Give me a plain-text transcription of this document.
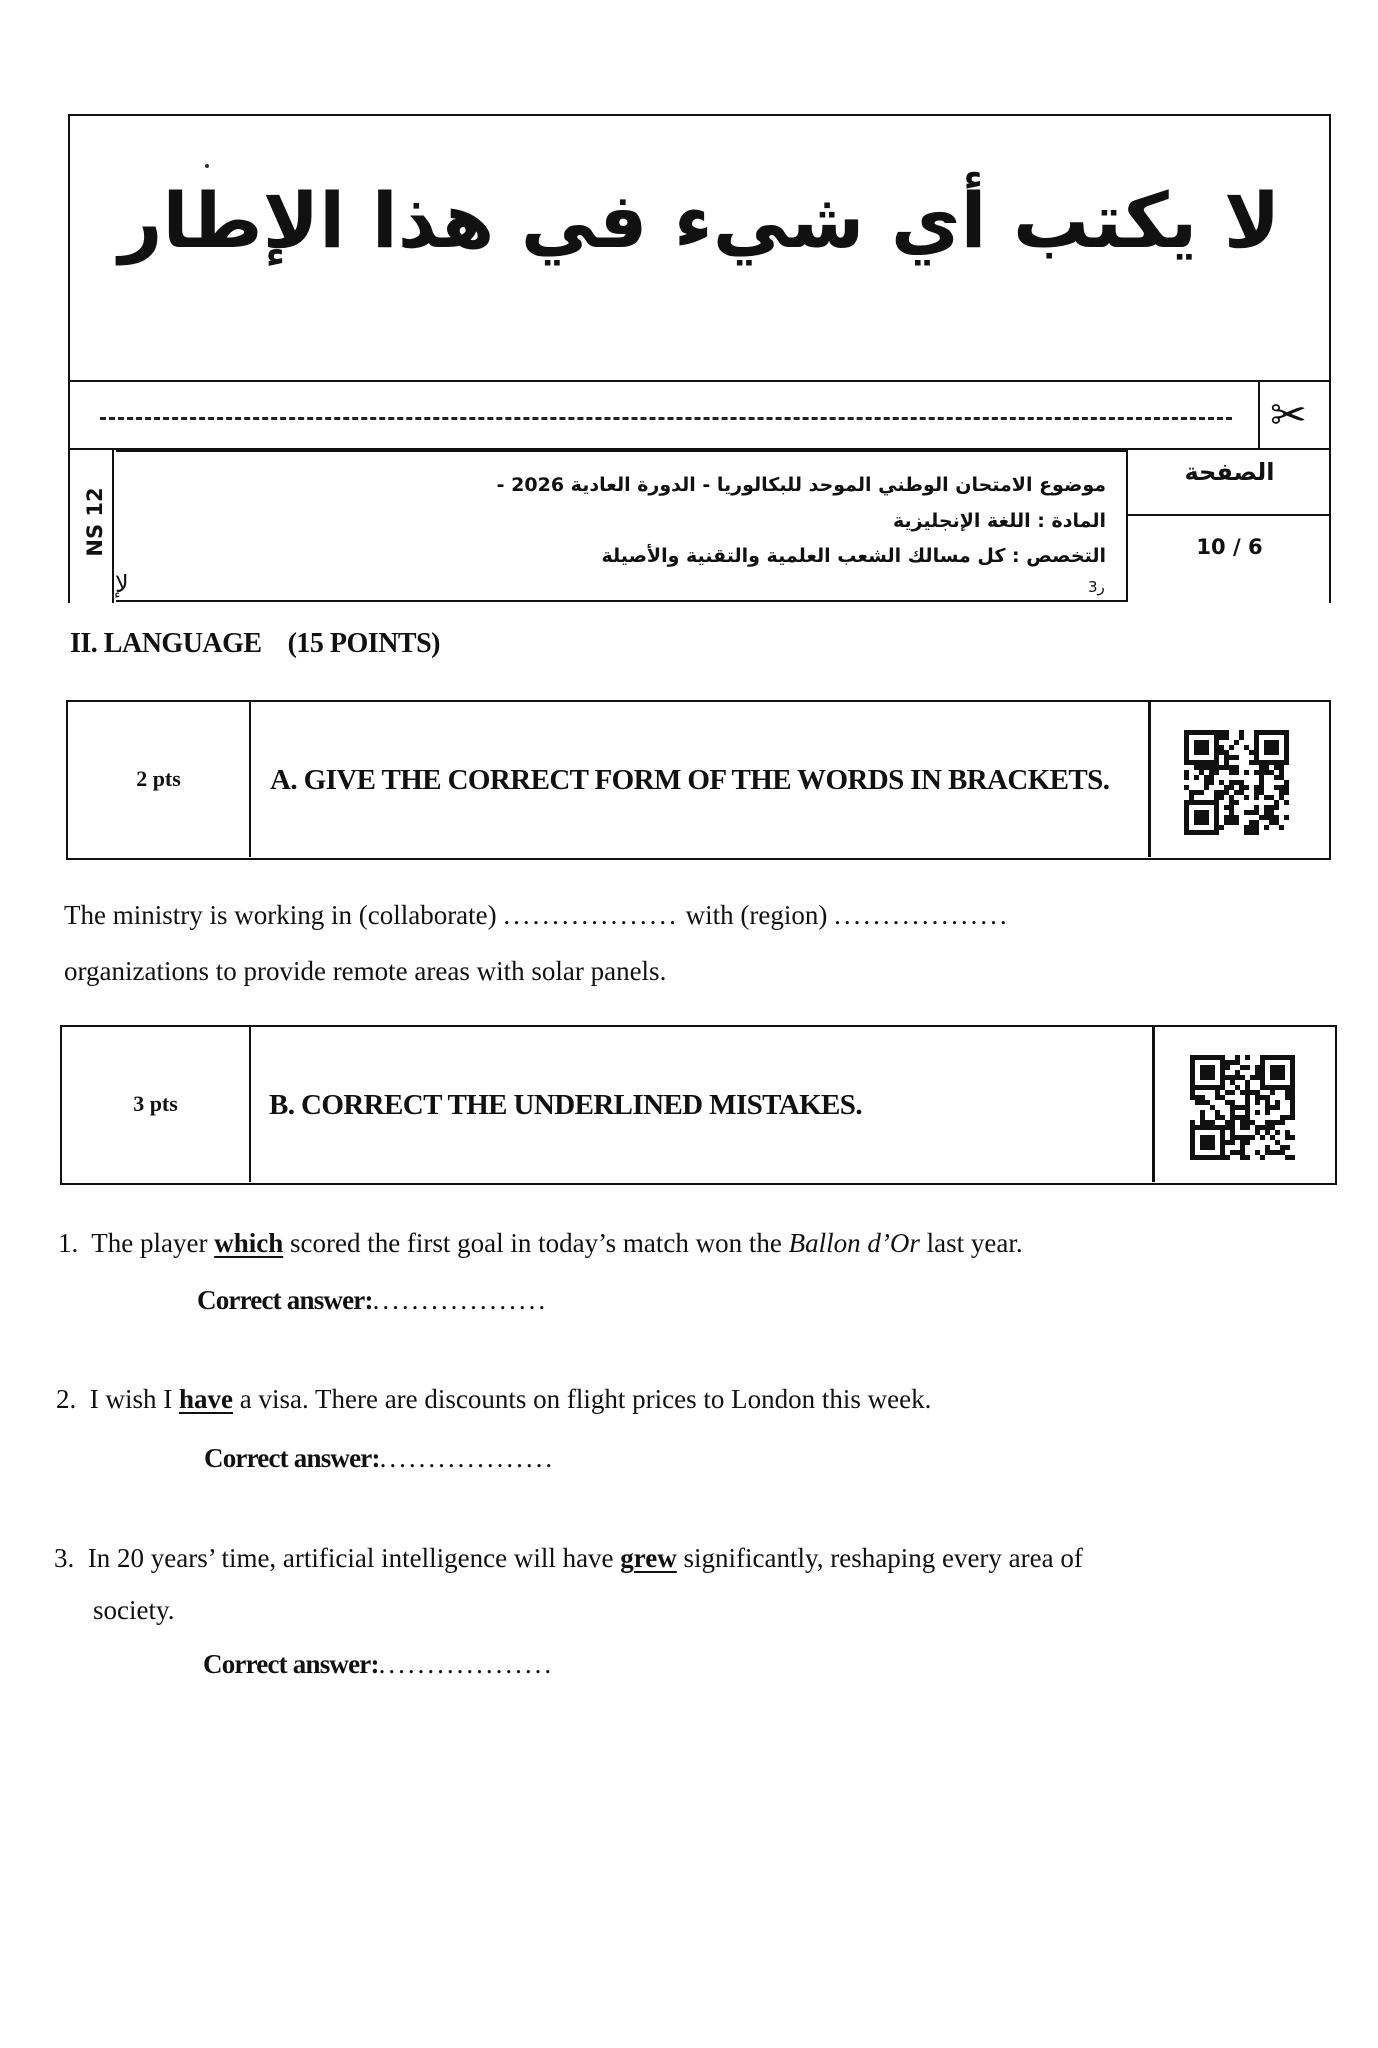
لا يكتب أي شيء في هذا الإطار
✂
NS 12
موضوع الامتحان الوطني الموحد للبكالوريا - الدورة العادية 2026 -
المادة : اللغة الإنجليزية
التخصص : كل مسالك الشعب العلمية والتقنية والأصيلة
3ر
ﻹ
الصفحة
10 / 6
II. LANGUAGE    (15 POINTS)
2 pts	A. GIVE THE CORRECT FORM OF THE WORDS IN BRACKETS.
The ministry is working in (collaborate) .................. with (region) ..................
organizations to provide remote areas with solar panels.
3 pts	B. CORRECT THE UNDERLINED MISTAKES.
1. The player which scored the first goal in today’s match won the Ballon d’Or last year.
Correct answer:..................
2. I wish I have a visa. There are discounts on flight prices to London this week.
Correct answer:..................
3. In 20 years’ time, artificial intelligence will have grew significantly, reshaping every area of
society.
Correct answer:..................
